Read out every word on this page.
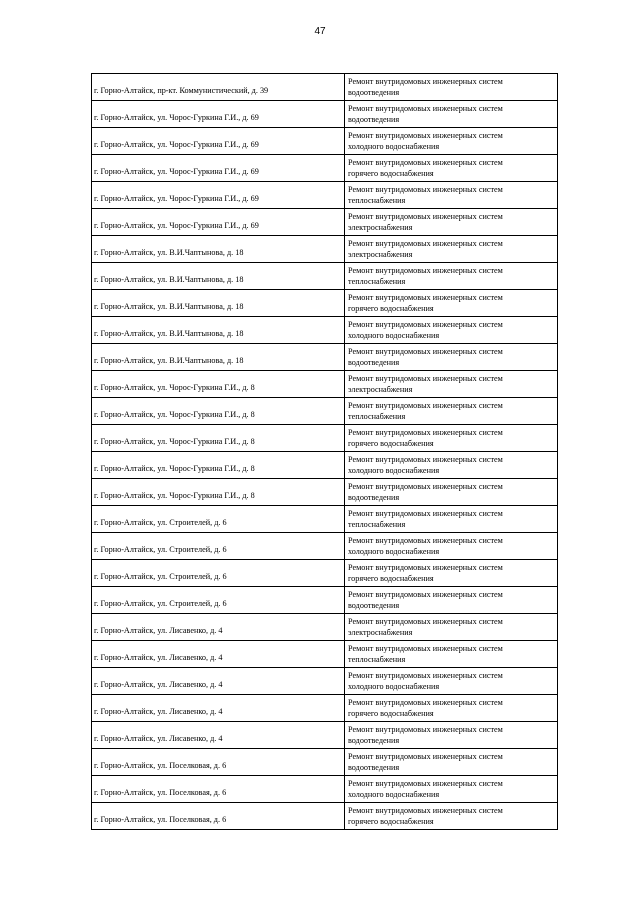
47
г. Горно-Алтайск, пр-кт. Коммунистический, д. 39	Ремонт внутридомовых инженерных систем
водоотведения

г. Горно-Алтайск, ул. Чорос-Гуркина Г.И., д. 69	Ремонт внутридомовых инженерных систем
водоотведения

г. Горно-Алтайск, ул. Чорос-Гуркина Г.И., д. 69	Ремонт внутридомовых инженерных систем
холодного водоснабжения

г. Горно-Алтайск, ул. Чорос-Гуркина Г.И., д. 69	Ремонт внутридомовых инженерных систем
горячего водоснабжения

г. Горно-Алтайск, ул. Чорос-Гуркина Г.И., д. 69	Ремонт внутридомовых инженерных систем
теплоснабжения

г. Горно-Алтайск, ул. Чорос-Гуркина Г.И., д. 69	Ремонт внутридомовых инженерных систем
электроснабжения

г. Горно-Алтайск, ул. В.И.Чаптынова, д. 18	Ремонт внутридомовых инженерных систем
электроснабжения

г. Горно-Алтайск, ул. В.И.Чаптынова, д. 18	Ремонт внутридомовых инженерных систем
теплоснабжения

г. Горно-Алтайск, ул. В.И.Чаптынова, д. 18	Ремонт внутридомовых инженерных систем
горячего водоснабжения

г. Горно-Алтайск, ул. В.И.Чаптынова, д. 18	Ремонт внутридомовых инженерных систем
холодного водоснабжения

г. Горно-Алтайск, ул. В.И.Чаптынова, д. 18	Ремонт внутридомовых инженерных систем
водоотведения

г. Горно-Алтайск, ул. Чорос-Гуркина Г.И., д. 8	Ремонт внутридомовых инженерных систем
электроснабжения

г. Горно-Алтайск, ул. Чорос-Гуркина Г.И., д. 8	Ремонт внутридомовых инженерных систем
теплоснабжения

г. Горно-Алтайск, ул. Чорос-Гуркина Г.И., д. 8	Ремонт внутридомовых инженерных систем
горячего водоснабжения

г. Горно-Алтайск, ул. Чорос-Гуркина Г.И., д. 8	Ремонт внутридомовых инженерных систем
холодного водоснабжения

г. Горно-Алтайск, ул. Чорос-Гуркина Г.И., д. 8	Ремонт внутридомовых инженерных систем
водоотведения

г. Горно-Алтайск, ул. Строителей, д. 6	Ремонт внутридомовых инженерных систем
теплоснабжения

г. Горно-Алтайск, ул. Строителей, д. 6	Ремонт внутридомовых инженерных систем
холодного водоснабжения

г. Горно-Алтайск, ул. Строителей, д. 6	Ремонт внутридомовых инженерных систем
горячего водоснабжения

г. Горно-Алтайск, ул. Строителей, д. 6	Ремонт внутридомовых инженерных систем
водоотведения

г. Горно-Алтайск, ул. Лисавенко, д. 4	Ремонт внутридомовых инженерных систем
электроснабжения

г. Горно-Алтайск, ул. Лисавенко, д. 4	Ремонт внутридомовых инженерных систем
теплоснабжения

г. Горно-Алтайск, ул. Лисавенко, д. 4	Ремонт внутридомовых инженерных систем
холодного водоснабжения

г. Горно-Алтайск, ул. Лисавенко, д. 4	Ремонт внутридомовых инженерных систем
горячего водоснабжения

г. Горно-Алтайск, ул. Лисавенко, д. 4	Ремонт внутридомовых инженерных систем
водоотведения

г. Горно-Алтайск, ул. Поселковая, д. 6	Ремонт внутридомовых инженерных систем
водоотведения

г. Горно-Алтайск, ул. Поселковая, д. 6	Ремонт внутридомовых инженерных систем
холодного водоснабжения

г. Горно-Алтайск, ул. Поселковая, д. 6	Ремонт внутридомовых инженерных систем
горячего водоснабжения
